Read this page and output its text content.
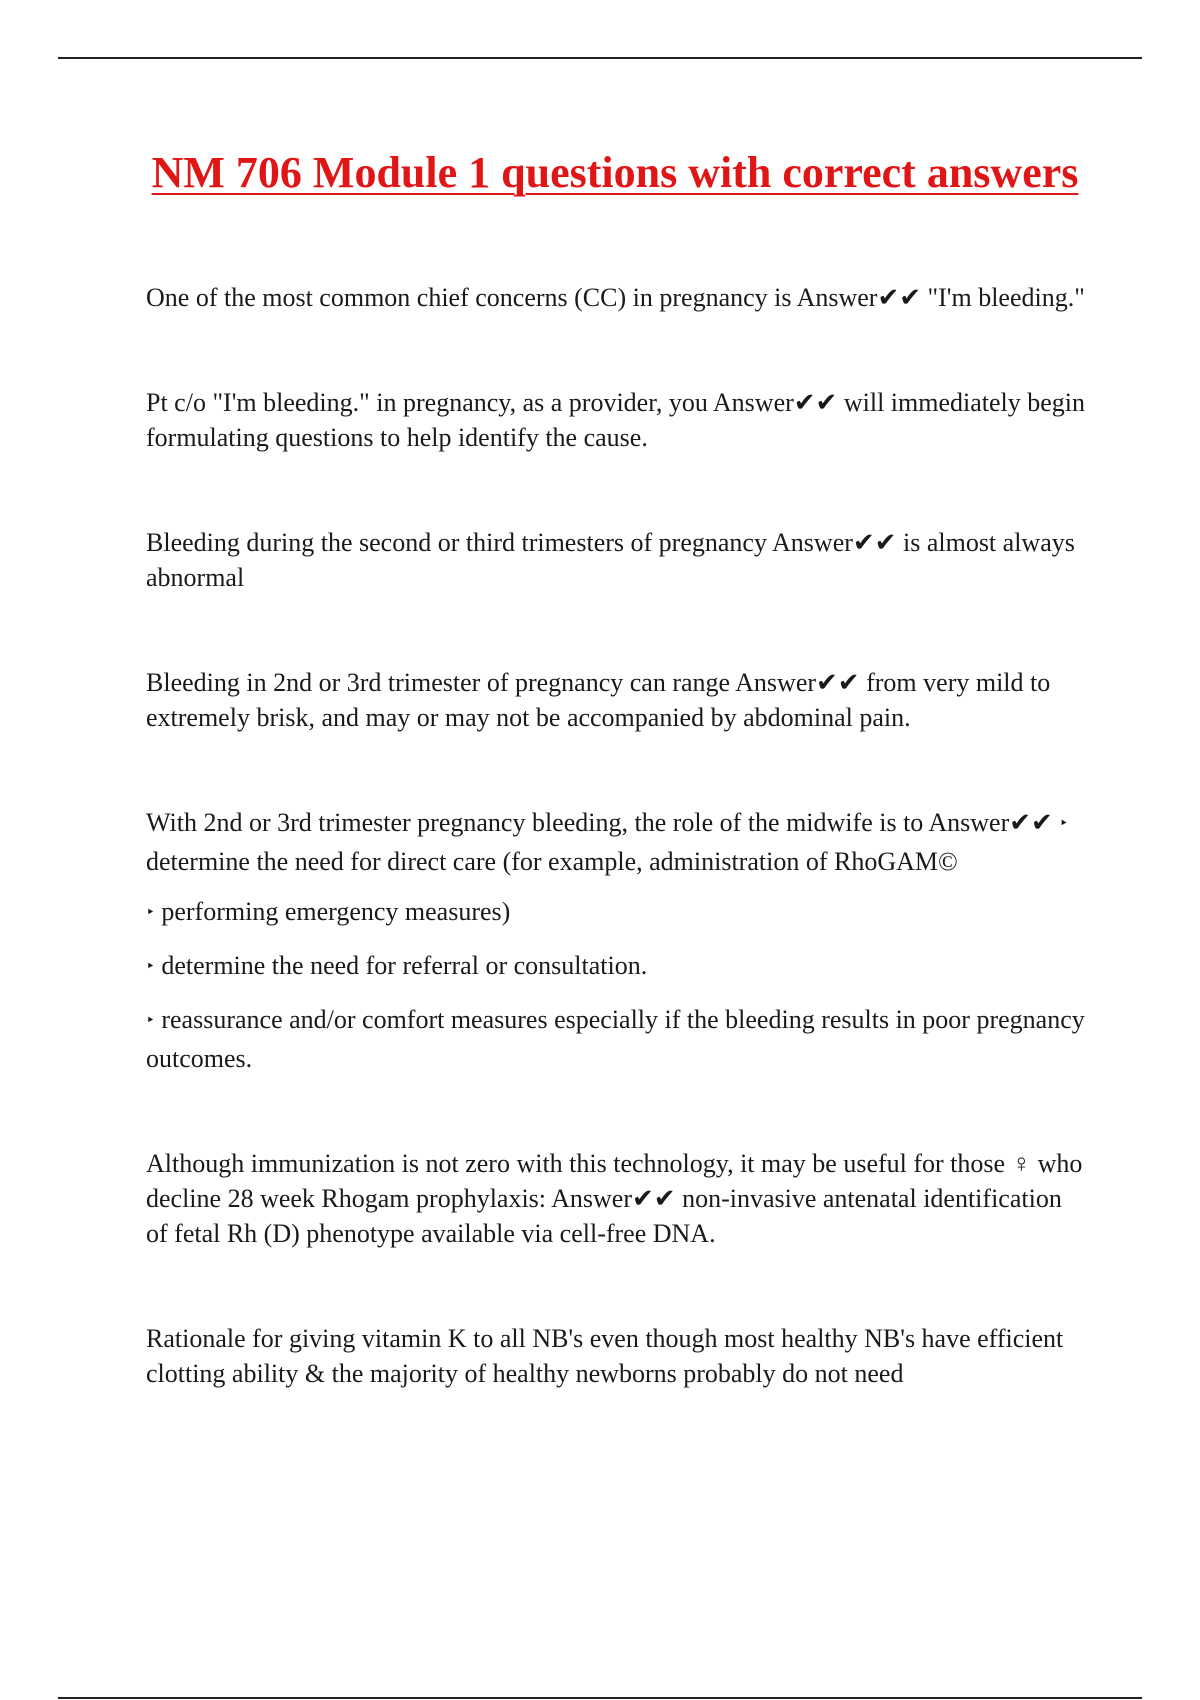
NM 706 Module 1 questions with correct answers

One of the most common chief concerns (CC) in pregnancy is Answer✔✔ "I'm bleeding."

Pt c/o "I'm bleeding." in pregnancy, as a provider, you Answer✔✔ will immediately begin formulating questions to help identify the cause.

Bleeding during the second or third trimesters of pregnancy Answer✔✔ is almost always abnormal

Bleeding in 2nd or 3rd trimester of pregnancy can range Answer✔✔ from very mild to extremely brisk, and may or may not be accompanied by abdominal pain.

With 2nd or 3rd trimester pregnancy bleeding, the role of the midwife is to Answer✔✔ ‣ determine the need for direct care (for example, administration of RhoGAM©

‣ performing emergency measures)

‣ determine the need for referral or consultation.

‣ reassurance and/or comfort measures especially if the bleeding results in poor pregnancy outcomes.

Although immunization is not zero with this technology, it may be useful for those ♀ who decline 28 week Rhogam prophylaxis: Answer✔✔ non-invasive antenatal identification of fetal Rh (D) phenotype available via cell-free DNA.

Rationale for giving vitamin K to all NB's even though most healthy NB's have efficient clotting ability & the majority of healthy newborns probably do not need
